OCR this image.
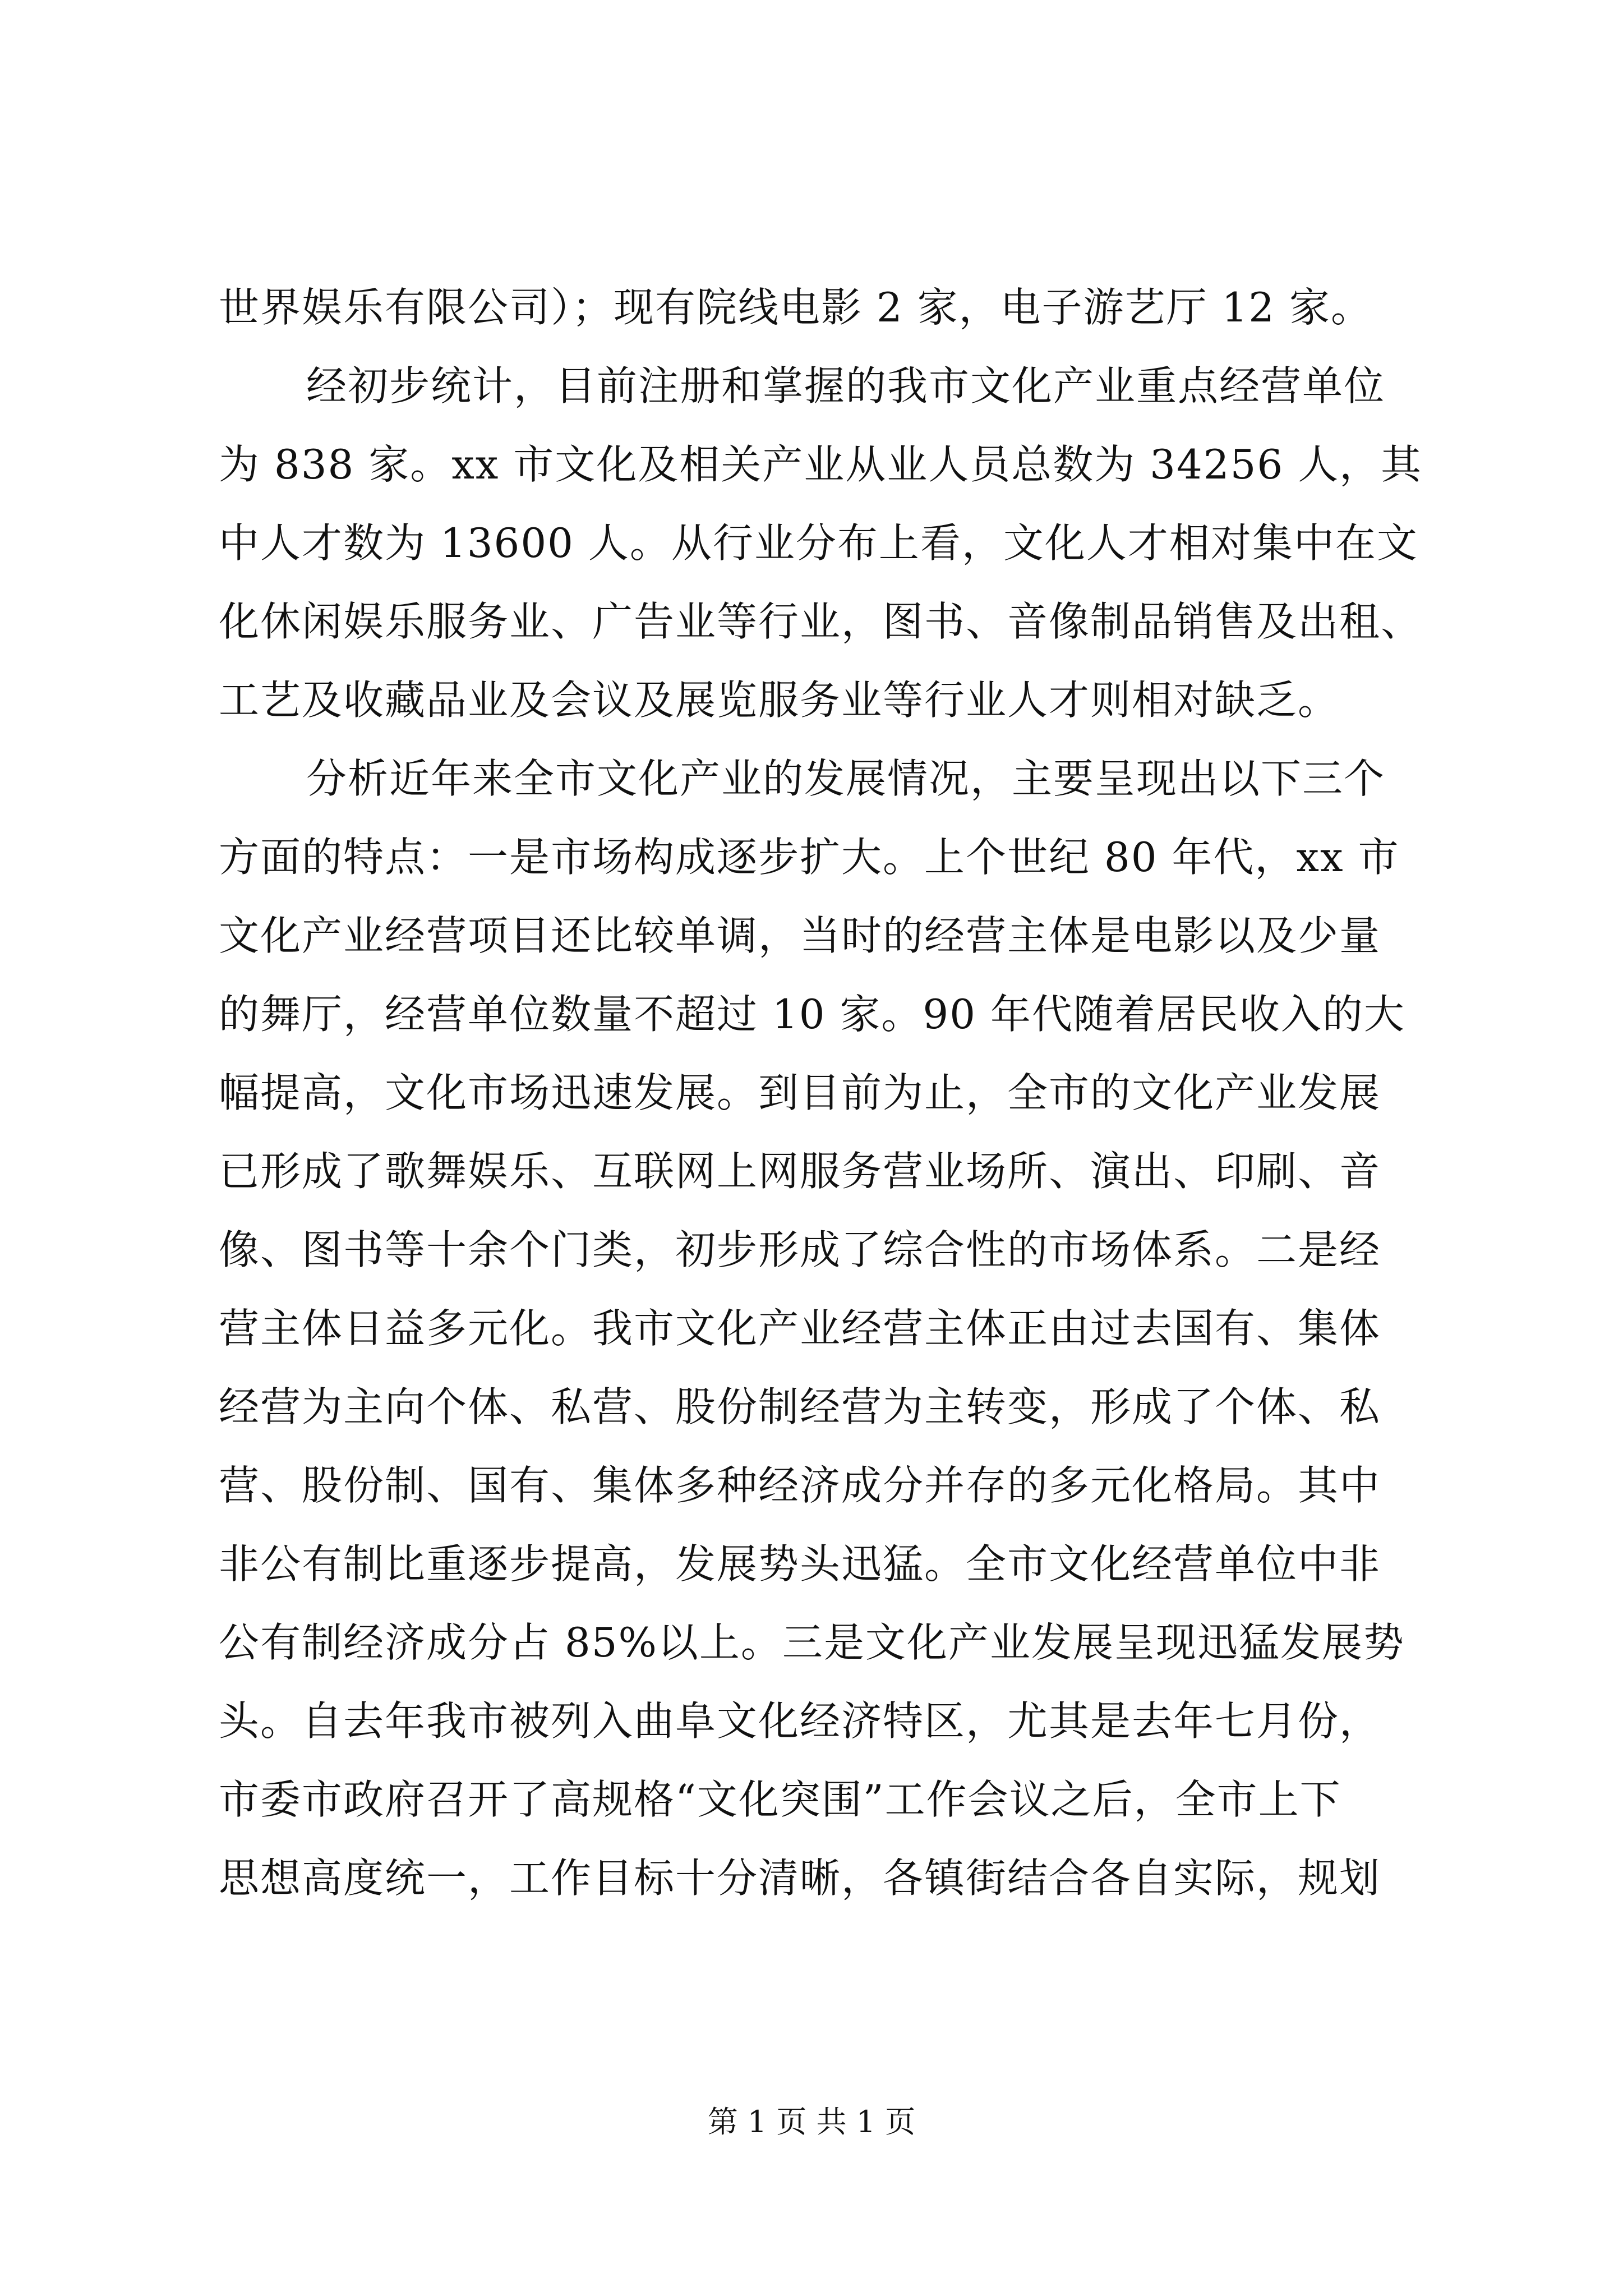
世界娱乐有限公司）；现有院线电影 2 家，电子游艺厅 12 家。
经初步统计，目前注册和掌握的我市文化产业重点经营单位
为 838 家。xx 市文化及相关产业从业人员总数为 34256 人，其
中人才数为 13600 人。从行业分布上看，文化人才相对集中在文
化休闲娱乐服务业、广告业等行业，图书、音像制品销售及出租、
工艺及收藏品业及会议及展览服务业等行业人才则相对缺乏。
分析近年来全市文化产业的发展情况，主要呈现出以下三个
方面的特点：一是市场构成逐步扩大。上个世纪 80 年代，xx 市
文化产业经营项目还比较单调，当时的经营主体是电影以及少量
的舞厅，经营单位数量不超过 10 家。90 年代随着居民收入的大
幅提高，文化市场迅速发展。到目前为止，全市的文化产业发展
已形成了歌舞娱乐、互联网上网服务营业场所、演出、印刷、音
像、图书等十余个门类，初步形成了综合性的市场体系。二是经
营主体日益多元化。我市文化产业经营主体正由过去国有、集体
经营为主向个体、私营、股份制经营为主转变，形成了个体、私
营、股份制、国有、集体多种经济成分并存的多元化格局。其中
非公有制比重逐步提高，发展势头迅猛。全市文化经营单位中非
公有制经济成分占 85%以上。三是文化产业发展呈现迅猛发展势
头。自去年我市被列入曲阜文化经济特区，尤其是去年七月份，
市委市政府召开了高规格“文化突围”工作会议之后，全市上下
思想高度统一，工作目标十分清晰，各镇街结合各自实际，规划
第 1 页 共 1 页
